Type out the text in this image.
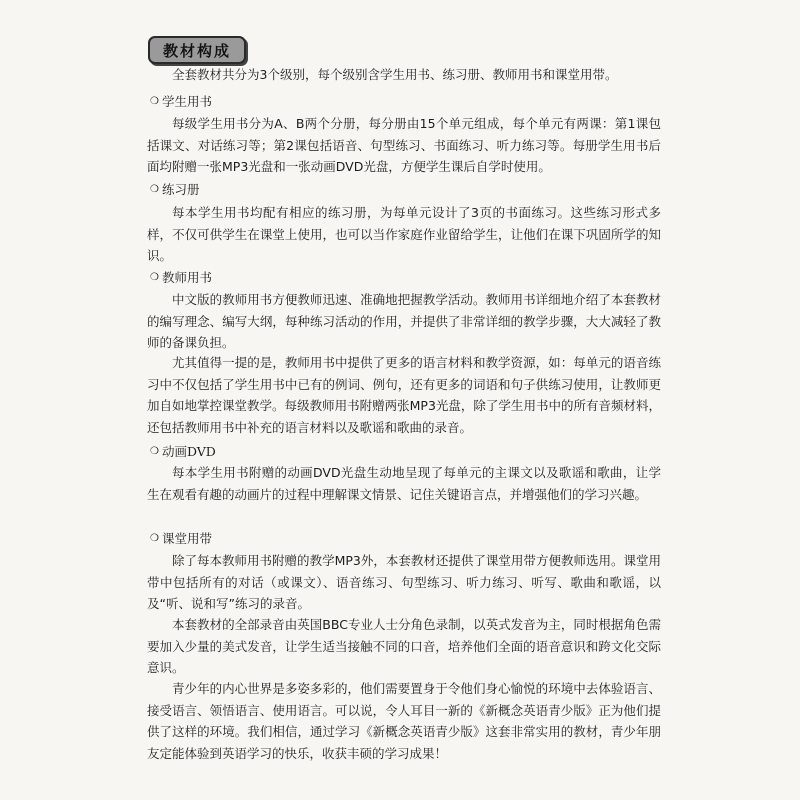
教材构成

全套教材共分为3个级别，每个级别含学生用书、练习册、教师用书和课堂用带。

❍ 学生用书

每级学生用书分为A、B两个分册，每分册由15个单元组成，每个单元有两课：第1课包括课文、对话练习等；第2课包括语音、句型练习、书面练习、听力练习等。每册学生用书后面均附赠一张MP3光盘和一张动画DVD光盘，方便学生课后自学时使用。

❍ 练习册

每本学生用书均配有相应的练习册，为每单元设计了3页的书面练习。这些练习形式多样，不仅可供学生在课堂上使用，也可以当作家庭作业留给学生，让他们在课下巩固所学的知识。

❍ 教师用书

中文版的教师用书方便教师迅速、准确地把握教学活动。教师用书详细地介绍了本套教材的编写理念、编写大纲，每种练习活动的作用，并提供了非常详细的教学步骤，大大减轻了教师的备课负担。

尤其值得一提的是，教师用书中提供了更多的语言材料和教学资源，如：每单元的语音练习中不仅包括了学生用书中已有的例词、例句，还有更多的词语和句子供练习使用，让教师更加自如地掌控课堂教学。每级教师用书附赠两张MP3光盘，除了学生用书中的所有音频材料，还包括教师用书中补充的语言材料以及歌谣和歌曲的录音。

❍ 动画DVD

每本学生用书附赠的动画DVD光盘生动地呈现了每单元的主课文以及歌谣和歌曲，让学生在观看有趣的动画片的过程中理解课文情景、记住关键语言点，并增强他们的学习兴趣。

❍ 课堂用带

除了每本教师用书附赠的教学MP3外，本套教材还提供了课堂用带方便教师选用。课堂用带中包括所有的对话（或课文）、语音练习、句型练习、听力练习、听写、歌曲和歌谣，以及“听、说和写”练习的录音。

本套教材的全部录音由英国BBC专业人士分角色录制，以英式发音为主，同时根据角色需要加入少量的美式发音，让学生适当接触不同的口音，培养他们全面的语音意识和跨文化交际意识。

青少年的内心世界是多姿多彩的，他们需要置身于令他们身心愉悦的环境中去体验语言、接受语言、领悟语言、使用语言。可以说，令人耳目一新的《新概念英语青少版》正为他们提供了这样的环境。我们相信，通过学习《新概念英语青少版》这套非常实用的教材，青少年朋友定能体验到英语学习的快乐，收获丰硕的学习成果！
